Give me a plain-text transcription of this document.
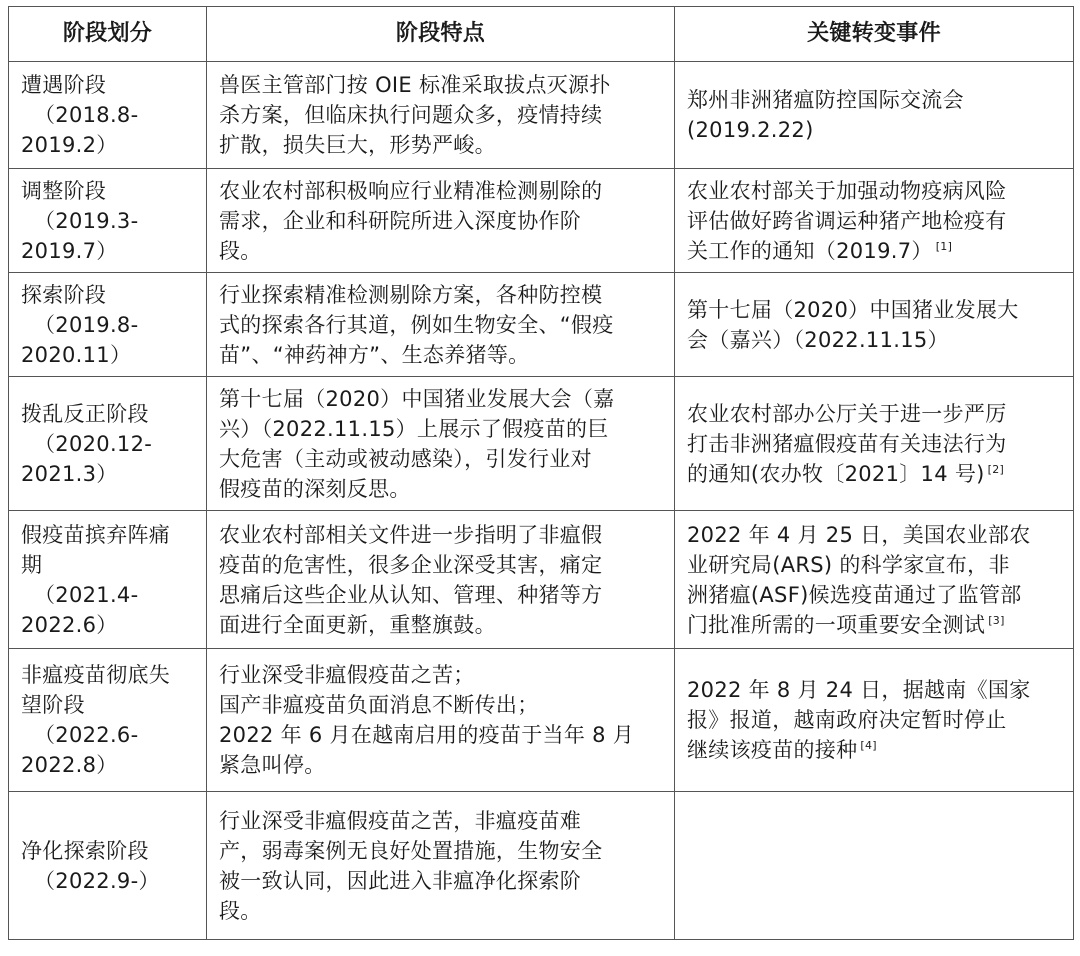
阶段划分	阶段特点	关键转变事件

遭遇阶段
（2018.8-
2019.2）	兽医主管部门按 OIE 标准采取拔点灭源扑
杀方案，但临床执行问题众多，疫情持续
扩散，损失巨大，形势严峻。	郑州非洲猪瘟防控国际交流会
(2019.2.22)

调整阶段
（2019.3-
2019.7）	农业农村部积极响应行业精准检测剔除的
需求，企业和科研院所进入深度协作阶
段。	农业农村部关于加强动物疫病风险
评估做好跨省调运种猪产地检疫有
关工作的通知（2019.7） [1]

探索阶段
（2019.8-
2020.11）	行业探索精准检测剔除方案，各种防控模
式的探索各行其道，例如生物安全、“假疫
苗”、“神药神方”、生态养猪等。	第十七届（2020）中国猪业发展大
会（嘉兴）（2022.11.15）

拨乱反正阶段
（2020.12-
2021.3）	第十七届（2020）中国猪业发展大会（嘉
兴）（2022.11.15）上展示了假疫苗的巨
大危害（主动或被动感染），引发行业对
假疫苗的深刻反思。	农业农村部办公厅关于进一步严厉
打击非洲猪瘟假疫苗有关违法行为
的通知(农办牧〔2021〕14 号) [2]

假疫苗摈弃阵痛
期
（2021.4-
2022.6）	农业农村部相关文件进一步指明了非瘟假
疫苗的危害性，很多企业深受其害，痛定
思痛后这些企业从认知、管理、种猪等方
面进行全面更新，重整旗鼓。	2022 年 4 月 25 日，美国农业部农
业研究局(ARS) 的科学家宣布，非
洲猪瘟(ASF)候选疫苗通过了监管部
门批准所需的一项重要安全测试 [3]

非瘟疫苗彻底失
望阶段
（2022.6-
2022.8）	行业深受非瘟假疫苗之苦；
国产非瘟疫苗负面消息不断传出；
2022 年 6 月在越南启用的疫苗于当年 8 月
紧急叫停。	2022 年 8 月 24 日，据越南《国家
报》报道，越南政府决定暂时停止
继续该疫苗的接种 [4]

净化探索阶段
（2022.9-）	行业深受非瘟假疫苗之苦，非瘟疫苗难
产，弱毒案例无良好处置措施，生物安全
被一致认同，因此进入非瘟净化探索阶
段。	
